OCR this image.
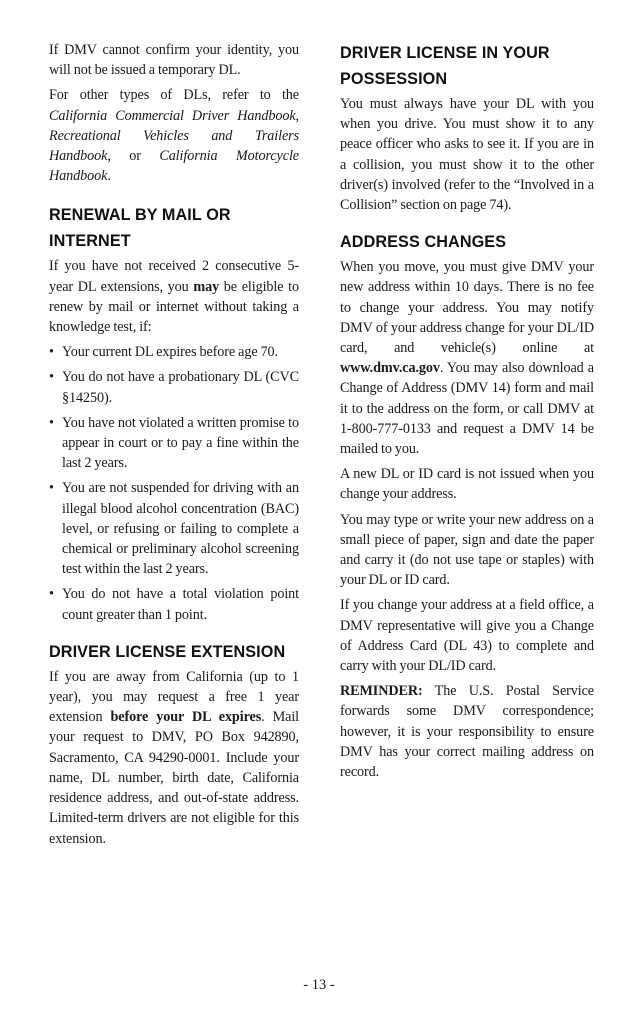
If DMV cannot confirm your identity, you will not be issued a temporary DL.

For other types of DLs, refer to the California Commercial Driver Handbook, Recreational Vehicles and Trailers Handbook, or California Motorcycle Handbook.

RENEWAL BY MAIL OR INTERNET

If you have not received 2 consecutive 5-year DL extensions, you may be eligible to renew by mail or internet without taking a knowledge test, if:

• Your current DL expires before age 70.
• You do not have a probationary DL (CVC §14250).
• You have not violated a written promise to appear in court or to pay a fine within the last 2 years.
• You are not suspended for driving with an illegal blood alcohol concentration (BAC) level, or refusing or failing to complete a chemical or preliminary alcohol screening test within the last 2 years.
• You do not have a total violation point count greater than 1 point.
DRIVER LICENSE EXTENSION

If you are away from California (up to 1 year), you may request a free 1 year extension before your DL expires. Mail your request to DMV, PO Box 942890, Sacramento, CA 94290-0001. Include your name, DL number, birth date, California residence address, and out-of-state address. Limited-term drivers are not eligible for this extension.

DRIVER LICENSE IN YOUR POSSESSION

You must always have your DL with you when you drive. You must show it to any peace officer who asks to see it. If you are in a collision, you must show it to the other driver(s) involved (refer to the “Involved in a Collision” section on page 74).

ADDRESS CHANGES

When you move, you must give DMV your new address within 10 days. There is no fee to change your address. You may notify DMV of your address change for your DL/ID card, and vehicle(s) online at www.dmv.ca.gov. You may also download a Change of Address (DMV 14) form and mail it to the address on the form, or call DMV at 1-800-777-0133 and request a DMV 14 be mailed to you.

A new DL or ID card is not issued when you change your address.

You may type or write your new address on a small piece of paper, sign and date the paper and carry it (do not use tape or staples) with your DL or ID card.

If you change your address at a field office, a DMV representative will give you a Change of Address Card (DL 43) to complete and carry with your DL/ID card.

REMINDER: The U.S. Postal Service forwards some DMV correspondence; however, it is your responsibility to ensure DMV has your correct mailing address on record.

- 13 -
